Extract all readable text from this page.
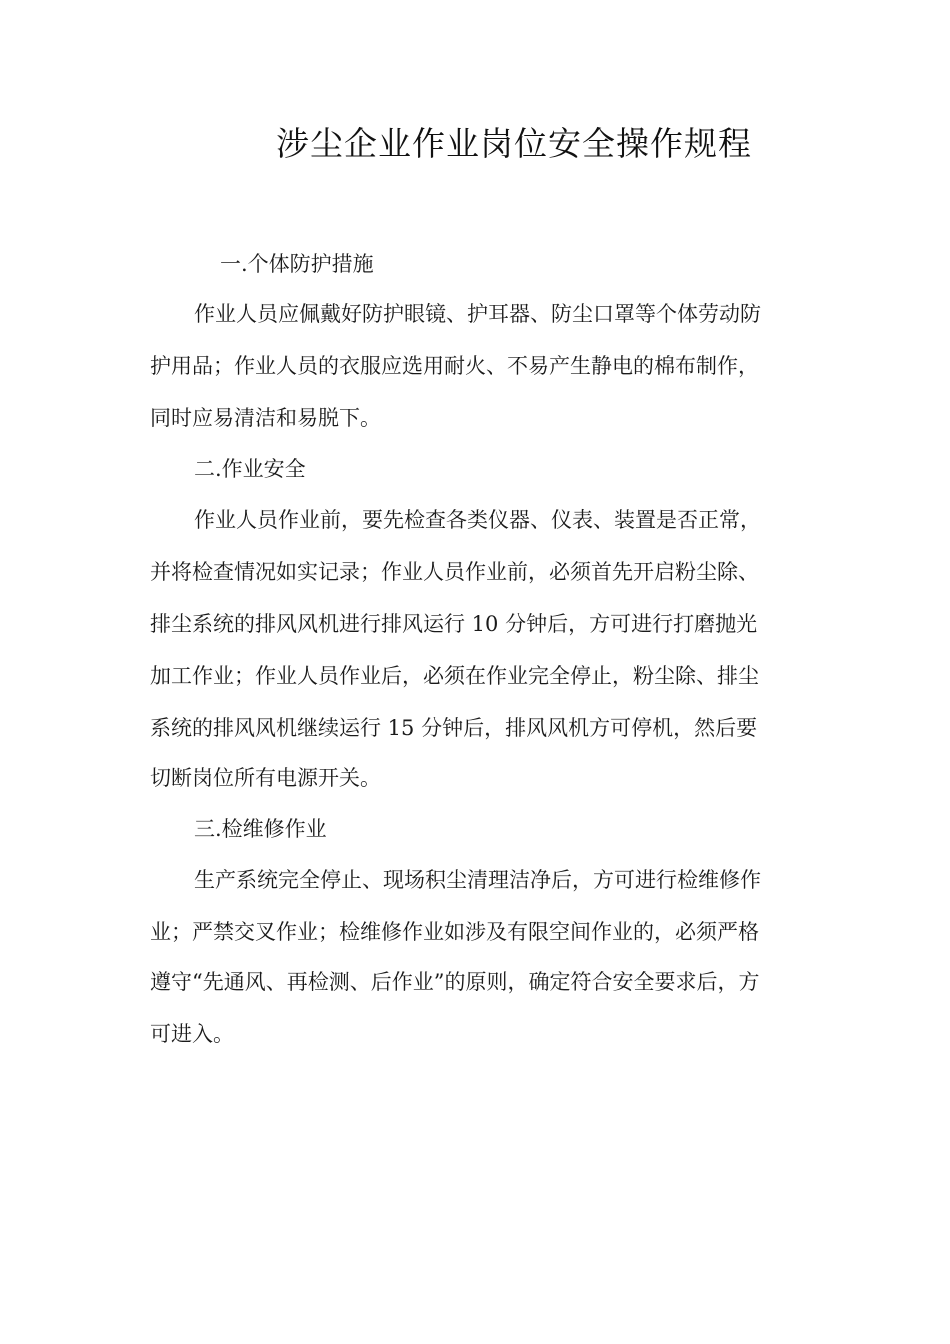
涉尘企业作业岗位安全操作规程
一.个体防护措施
作业人员应佩戴好防护眼镜、护耳器、防尘口罩等个体劳动防
护用品；作业人员的衣服应选用耐火、不易产生静电的棉布制作，
同时应易清洁和易脱下。
二.作业安全
作业人员作业前，要先检查各类仪器、仪表、装置是否正常，
并将检查情况如实记录；作业人员作业前，必须首先开启粉尘除、
排尘系统的排风风机进行排风运行 10 分钟后，方可进行打磨抛光
加工作业；作业人员作业后，必须在作业完全停止，粉尘除、排尘
系统的排风风机继续运行 15 分钟后，排风风机方可停机，然后要
切断岗位所有电源开关。
三.检维修作业
生产系统完全停止、现场积尘清理洁净后，方可进行检维修作
业；严禁交叉作业；检维修作业如涉及有限空间作业的，必须严格
遵守“先通风、再检测、后作业”的原则，确定符合安全要求后，方
可进入。
